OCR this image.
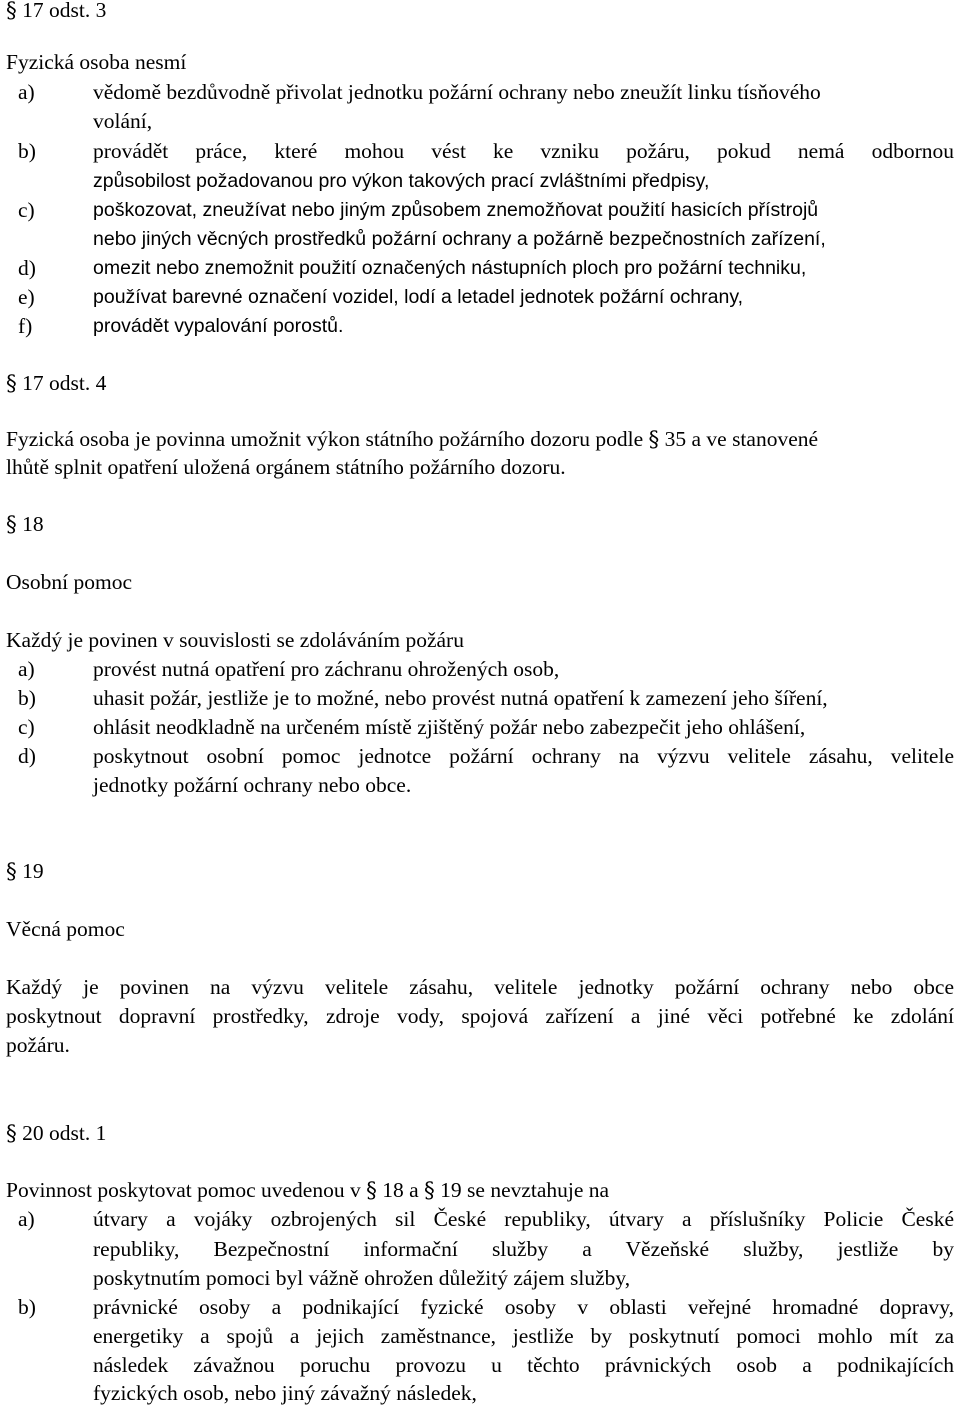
§ 17 odst. 3
Fyzická osoba nesmí
a)	vědomě bezdůvodně přivolat jednotku požární ochrany nebo zneužít linku tísňového
volání,
b)	provádět práce, které mohou vést ke vzniku požáru, pokud nemá odbornou
způsobilost požadovanou pro výkon takových prací zvláštními předpisy,
c)	poškozovat, zneužívat nebo jiným způsobem znemožňovat použití hasicích přístrojů
nebo jiných věcných prostředků požární ochrany a požárně bezpečnostních zařízení,
d)	omezit nebo znemožnit použití označených nástupních ploch pro požární techniku,
e)	používat barevné označení vozidel, lodí a letadel jednotek požární ochrany,
f)	provádět vypalování porostů.
§ 17 odst. 4
Fyzická osoba je povinna umožnit výkon státního požárního dozoru podle § 35 a ve stanovené
lhůtě splnit opatření uložená orgánem státního požárního dozoru.
§ 18
Osobní pomoc
Každý je povinen v souvislosti se zdoláváním požáru
a)	provést nutná opatření pro záchranu ohrožených osob,
b)	uhasit požár, jestliže je to možné, nebo provést nutná opatření k zamezení jeho šíření,
c)	ohlásit neodkladně na určeném místě zjištěný požár nebo zabezpečit jeho ohlášení,
d)	poskytnout osobní pomoc jednotce požární ochrany na výzvu velitele zásahu, velitele
jednotky požární ochrany nebo obce.
§ 19
Věcná pomoc
Každý je povinen na výzvu velitele zásahu, velitele jednotky požární ochrany nebo obce
poskytnout dopravní prostředky, zdroje vody, spojová zařízení a jiné věci potřebné ke zdolání
požáru.
§ 20 odst. 1
Povinnost poskytovat pomoc uvedenou v § 18 a § 19 se nevztahuje na
a)	útvary a vojáky ozbrojených sil České republiky, útvary a příslušníky Policie České
republiky, Bezpečnostní informační služby a Vězeňské služby, jestliže by
poskytnutím pomoci byl vážně ohrožen důležitý zájem služby,
b)	právnické osoby a podnikající fyzické osoby v oblasti veřejné hromadné dopravy,
energetiky a spojů a jejich zaměstnance, jestliže by poskytnutí pomoci mohlo mít za
následek závažnou poruchu provozu u těchto právnických osob a podnikajících
fyzických osob, nebo jiný závažný následek,
